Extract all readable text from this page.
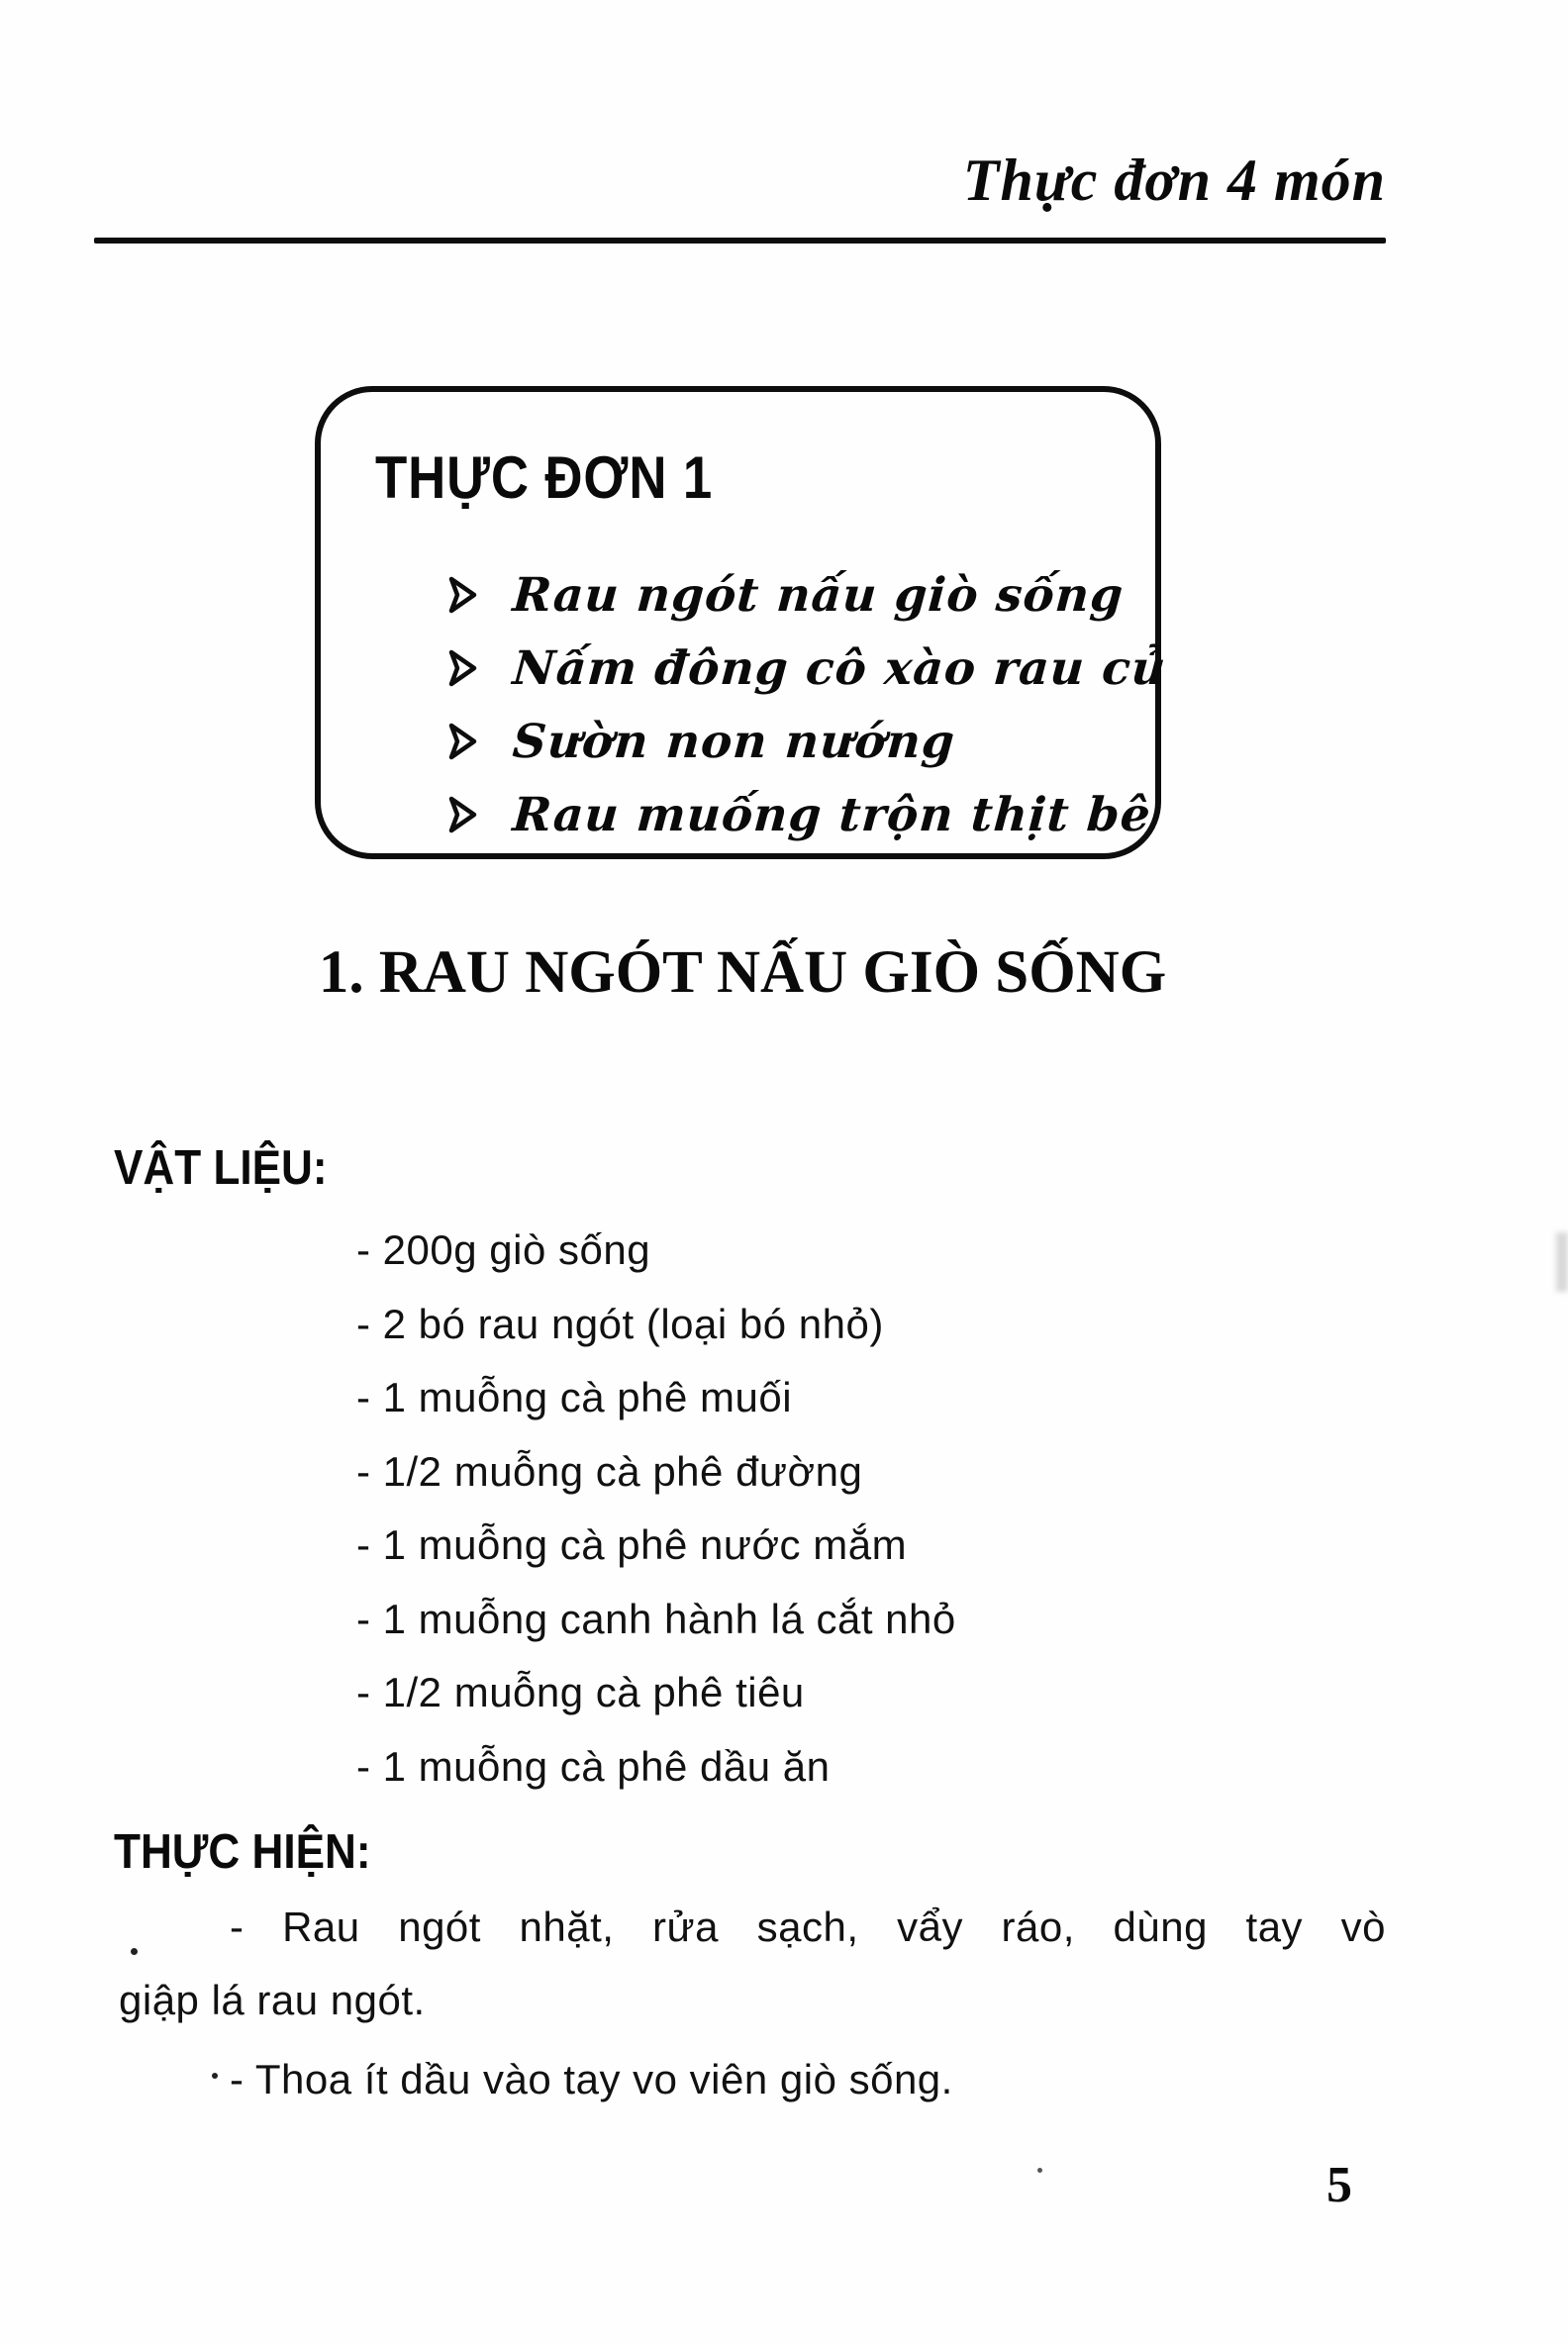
Thực đơn 4 món
THỰC ĐƠN 1
Rau ngót nấu giò sống
Nấm đông cô xào rau củ
Sườn non nướng
Rau muống trộn thịt bê
1. RAU NGÓT NẤU GIÒ SỐNG
VẬT LIỆU:
- 200g giò sống
- 2 bó rau ngót (loại bó nhỏ)
- 1 muỗng cà phê muối
- 1/2 muỗng cà phê đường
- 1 muỗng cà phê nước mắm
- 1 muỗng canh hành lá cắt nhỏ
- 1/2 muỗng cà phê tiêu
- 1 muỗng cà phê dầu ăn
THỰC HIỆN:
- Rau ngót nhặt, rửa sạch, vẩy ráo, dùng tay vò
giập lá rau ngót.
- Thoa ít dầu vào tay vo viên giò sống.
5
